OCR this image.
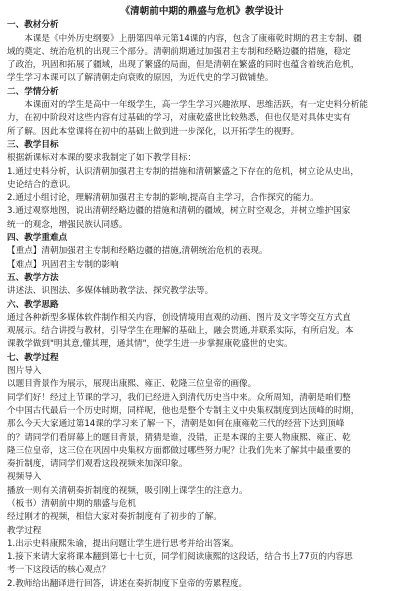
《清朝前中期的鼎盛与危机》教学设计
一、教材分析
本课是《中外历史纲要》上册第四单元第14课的内容，包含了康雍乾时期的君主专制、疆
域的奠定、统治危机的出现三个部分。清朝前期通过加强君主专制和经略边疆的措施，稳定
了政治，巩固和拓展了疆域，出现了繁盛的局面，但是清朝在繁盛的同时也蕴含着统治危机，
学生学习本课可以了解清朝走向衰败的原因，为近代史的学习做铺垫。
二、学情分析
本课面对的学生是高中一年级学生，高一学生学习兴趣浓厚、思维活跃，有一定史料分析能
力，在初中阶段对这些内容有过基础的学习，对康乾盛世比较熟悉，但也仅是对具体史实有
所了解。因此本堂课将在初中的基础上做到进一步深化，以开拓学生的视野。
三、教学目标
根据新课标对本课的要求我制定了如下教学目标：
1.通过史料分析，认识清朝加强君主专制的措施和清朝繁盛之下存在的危机，树立论从史出，
史论结合的意识。
2.通过小组讨论，理解清朝加强君主专制的影响,提高自主学习，合作探究的能力。
3.通过观察地图，说出清朝经略边疆的措施和清朝的疆域，树立时空观念，并树立维护国家
统一的观念，增强民族认同感。
四、教学重难点
【重点】清朝加强君主专制和经略边疆的措施,清朝统治危机的表现。
【难点】巩固君主专制的影响
五、教学方法
讲述法、识图法、多媒体辅助教学法、探究教学法等。
六、教学思路
通过各种新型多媒体软件制作相关内容，创设情境用直观的动画、图片及文字等交互方式直
观展示。结合讲授与教材，引导学生在理解的基础上，融会贯通,并联系实际，有所启发。本
课教学做到"明其意,懂其理，通其情"，使学生进一步掌握康乾盛世的史实。
七、教学过程
图片导入
以题目背景作为展示，展现出康熙、雍正、乾隆三位皇帝的画像。
同学们好！经过上节课的学习，我们已经进入到清代历史当中来。众所周知，清朝是咱们整
个中国古代最后一个历史时期，同样呢，他也是整个专制主义中央集权制度到达顶峰的时期，
那么今天大家通过第14课的学习来了解一下，清朝是如何在康雍乾三代的经营下达到顶峰
的？请同学们看屏幕上的题目背景，猜猜是谁，没错，正是本课的主要人物康熙、雍正、乾
隆三位皇帝，这三位在巩固中央集权方面都做过哪些努力呢？让我们先来了解其中最重要的
奏折制度，请同学们观看这段视频来加深印象。
视频导入
播放一则有关清朝奏折制度的视频，吸引刚上课学生的注意力。
（板书）清朝前中期的鼎盛与危机
经过刚才的视频，相信大家对奏折制度有了初步的了解。
教学过程
1.出示史料康熙朱谕，提出问题让学生进行思考并给出答案。
1.接下来请大家将课本翻到第七十七页，同学们阅读康熙的这段话，结合书上77页的内容思
考一下这段话的核心观点？
2.教师给出翻译进行回答，讲述在奏折制度下皇帝的劳累程度。
